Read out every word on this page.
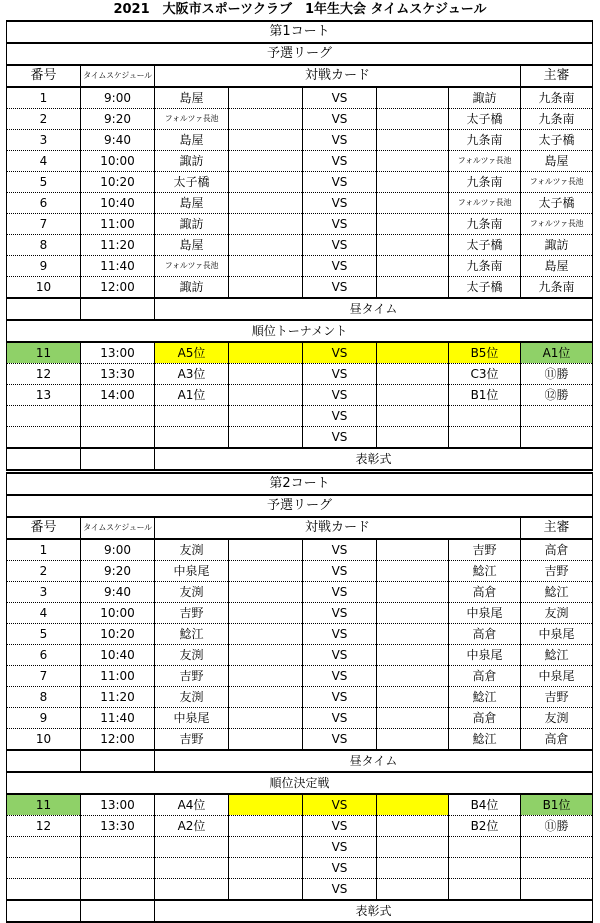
2021　大阪市スポーツクラブ　1年生大会 タイムスケジュール
第1コート							
予選リーグ							
番号	タイムスケジュール	対戦カード					主審
1	9:00	島屋		VS		諏訪	九条南
2	9:20	フォルツァ長池		VS		太子橋	九条南
3	9:40	島屋		VS		九条南	太子橋
4	10:00	諏訪		VS		フォルツァ長池	島屋
5	10:20	太子橋		VS		九条南	フォルツァ長池
6	10:40	島屋		VS		フォルツァ長池	太子橋
7	11:00	諏訪		VS		九条南	フォルツァ長池
8	11:20	島屋		VS		太子橋	諏訪
9	11:40	フォルツァ長池		VS		九条南	島屋
10	12:00	諏訪		VS		太子橋	九条南
		昼タイム					
順位トーナメント							
11	13:00	A5位		VS		B5位	A1位
12	13:30	A3位		VS		C3位	⑪勝
13	14:00	A1位		VS		B1位	⑫勝
				VS			
				VS			
		表彰式					
第2コート							
予選リーグ							
番号	タイムスケジュール	対戦カード					主審
1	9:00	友渕		VS		吉野	高倉
2	9:20	中泉尾		VS		鯰江	吉野
3	9:40	友渕		VS		高倉	鯰江
4	10:00	吉野		VS		中泉尾	友渕
5	10:20	鯰江		VS		高倉	中泉尾
6	10:40	友渕		VS		中泉尾	鯰江
7	11:00	吉野		VS		高倉	中泉尾
8	11:20	友渕		VS		鯰江	吉野
9	11:40	中泉尾		VS		高倉	友渕
10	12:00	吉野		VS		鯰江	高倉
		昼タイム					
順位決定戦							
11	13:00	A4位		VS		B4位	B1位
12	13:30	A2位		VS		B2位	⑪勝
				VS			
				VS			
				VS			
		表彰式					
